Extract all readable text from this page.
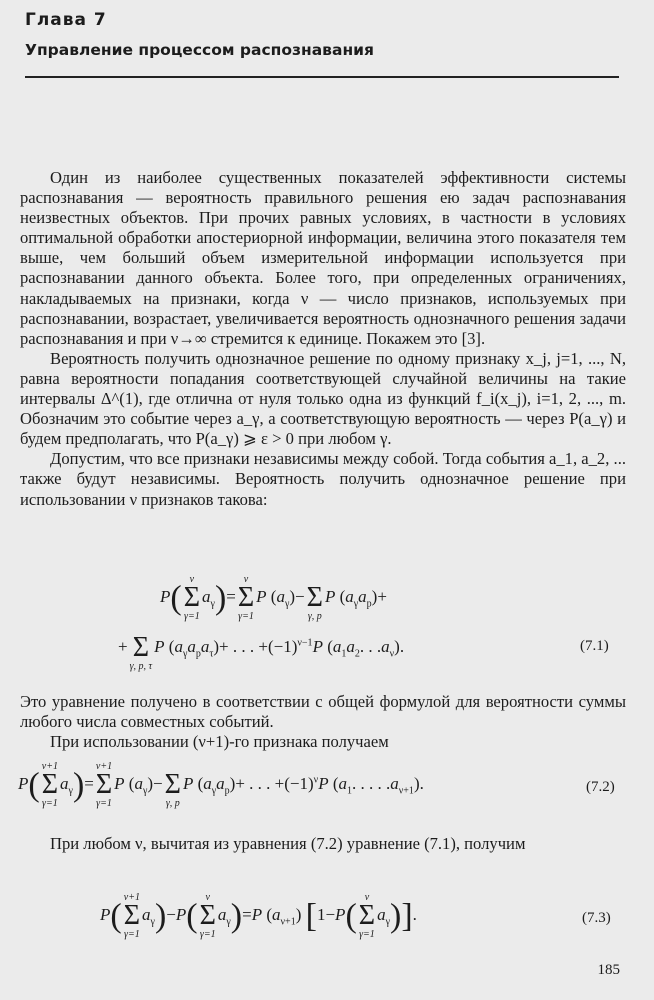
Глава 7
Управление процессом распознавания

Один из наиболее существенных показателей эффективности системы распознавания — вероятность правильного решения ею задач распознавания неизвестных объектов. При прочих равных условиях, в частности в условиях оптимальной обработки апостериорной информации, величина этого показателя тем выше, чем больший объем измерительной информации используется при распознавании данного объекта. Более того, при определенных ограничениях, накладываемых на признаки, когда ν — число признаков, используемых при распознавании, возрастает, увеличивается вероятность однозначного решения задачи распознавания и при ν→∞ стремится к единице. Покажем это [3].

Вероятность получить однозначное решение по одному признаку x_j, j=1, ..., N, равна вероятности попадания соответствующей случайной величины на такие интервалы Δ^(1), где отлична от нуля только одна из функций f_i(x_j), i=1, 2, ..., m. Обозначим это событие через a_γ, а соответствующую вероятность — через P(a_γ) и будем предполагать, что P(a_γ) ⩾ ε > 0 при любом γ.

Допустим, что все признаки независимы между собой. Тогда события a_1, a_2, ... также будут независимы. Вероятность получить однозначное решение при использовании ν признаков такова:

P( ν
Σ
γ=1
$a_\gamma)=$
ν
Σ
γ=1
P $(a_\gamma)-$
Σ
γ, p
P $(a_\gamma a_p)+$
+
Σ
γ, p, τ
P $(a_\gamma a_pa_\tau)+$ . . . $+(-1)^{\nu-1}P$ ($a_1a_2$. . $.a_\nu$).	(7.1)

Это уравнение получено в соответствии с общей формулой для вероятности суммы любого числа совместных событий.

При использовании (ν+1)-го признака получаем

P( ν+1
Σ
γ=1
$a_\gamma)=$
ν+1
Σ
γ=1
P $(a_\gamma)-$
Σ
γ, p
P $(a_\gamma a_p)+$ . . . $+(-1)^\nu P$ ($a_1$. . . . $.a_{\nu+1}$).	(7.2)

При любом ν, вычитая из уравнения (7.2) уравнение (7.1), получим

P( ν+1
Σ
γ=1
$a_\gamma)-P$( ν
Σ
γ=1
$a_\gamma)=P$ $(a_{\nu+1})$ [1−P( ν
Σ
γ=1
$a_\gamma$)].	(7.3)
185
